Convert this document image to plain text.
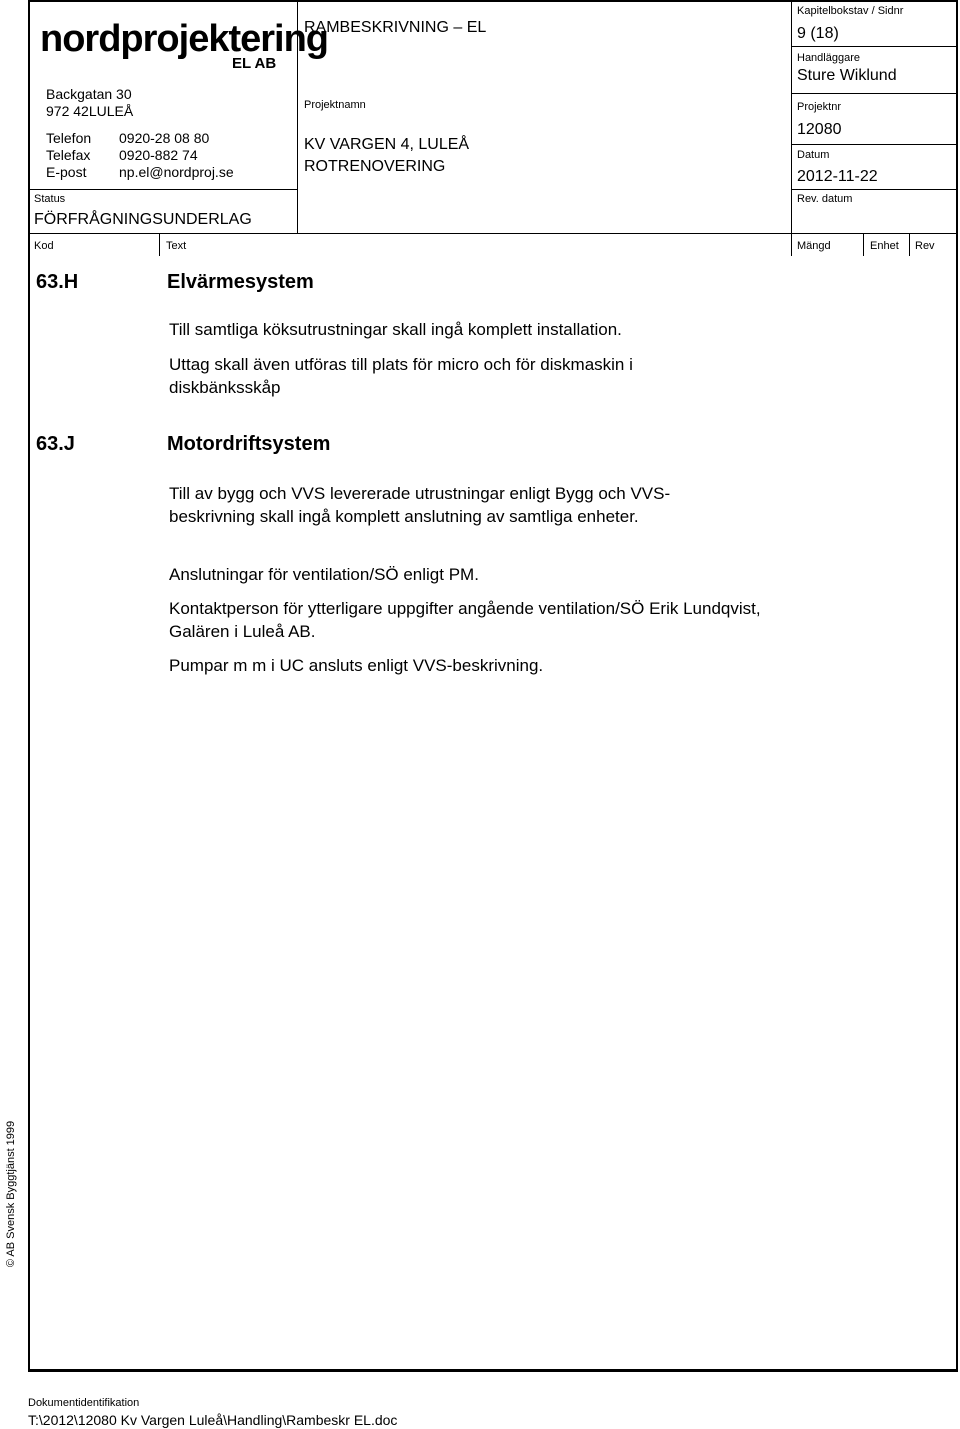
nordprojektering
EL AB
Backgatan 30
972 42LULEÅ
Telefon 0920-28 08 80
Telefax 0920-882 74
E-post np.el@nordproj.se
Status
FÖRFRÅGNINGSUNDERLAG
RAMBESKRIVNING – EL
Projektnamn
KV VARGEN 4, LULEÅ
ROTRENOVERING
Kapitelbokstav / Sidnr
9 (18)
Handläggare
Sture Wiklund
Projektnr
12080
Datum
2012-11-22
Rev. datum
Kod	Text	Mängd	Enhet Rev
63.H	Elvärmesystem
Till samtliga köksutrustningar skall ingå komplett installation.
Uttag skall även utföras till plats för micro och för diskmaskin i diskbänksskåp
63.J	Motordriftsystem
Till av bygg och VVS levererade utrustningar enligt Bygg och VVS-beskrivning skall ingå komplett anslutning av samtliga enheter.
Anslutningar för ventilation/SÖ enligt PM.
Kontaktperson för ytterligare uppgifter angående ventilation/SÖ Erik Lundqvist, Galären i Luleå AB.
Pumpar m m i UC ansluts enligt VVS-beskrivning.
© AB Svensk Byggtjänst 1999
Dokumentidentifikation
T:\2012\12080 Kv Vargen Luleå\Handling\Rambeskr EL.doc
